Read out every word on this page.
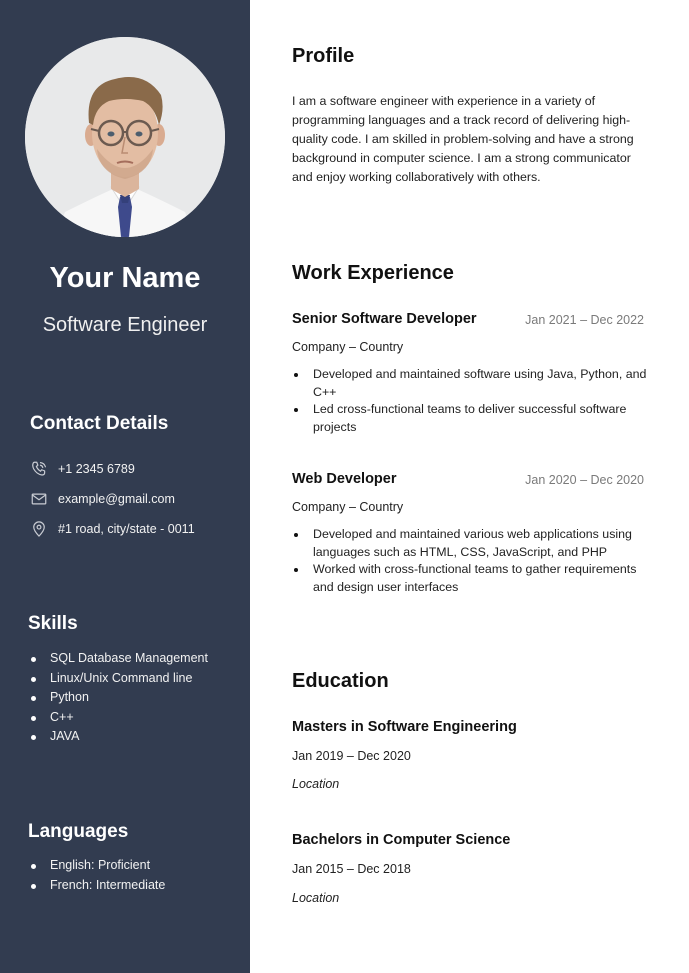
Your Name
Software Engineer
Contact Details
+1 2345 6789
example@gmail.com
#1 road, city/state - 0011
Skills
SQL Database Management
Linux/Unix Command line
Python
C++
JAVA
Languages
English: Proficient
French: Intermediate
Profile

I am a software engineer with experience in a variety of programming languages and a track record of delivering high-quality code. I am skilled in problem-solving and have a strong background in computer science. I am a strong communicator and enjoy working collaboratively with others.

Work Experience
Senior Software Developer	Jan 2021 – Dec 2022
Company – Country
Developed and maintained software using Java, Python, and C++
Led cross-functional teams to deliver successful software projects
Web Developer	Jan 2020 – Dec 2020
Company – Country
Developed and maintained various web applications using languages such as HTML, CSS, JavaScript, and PHP
Worked with cross-functional teams to gather requirements and design user interfaces
Education
Masters in Software Engineering
Jan 2019 – Dec 2020
Location
Bachelors in Computer Science
Jan 2015 – Dec 2018
Location
